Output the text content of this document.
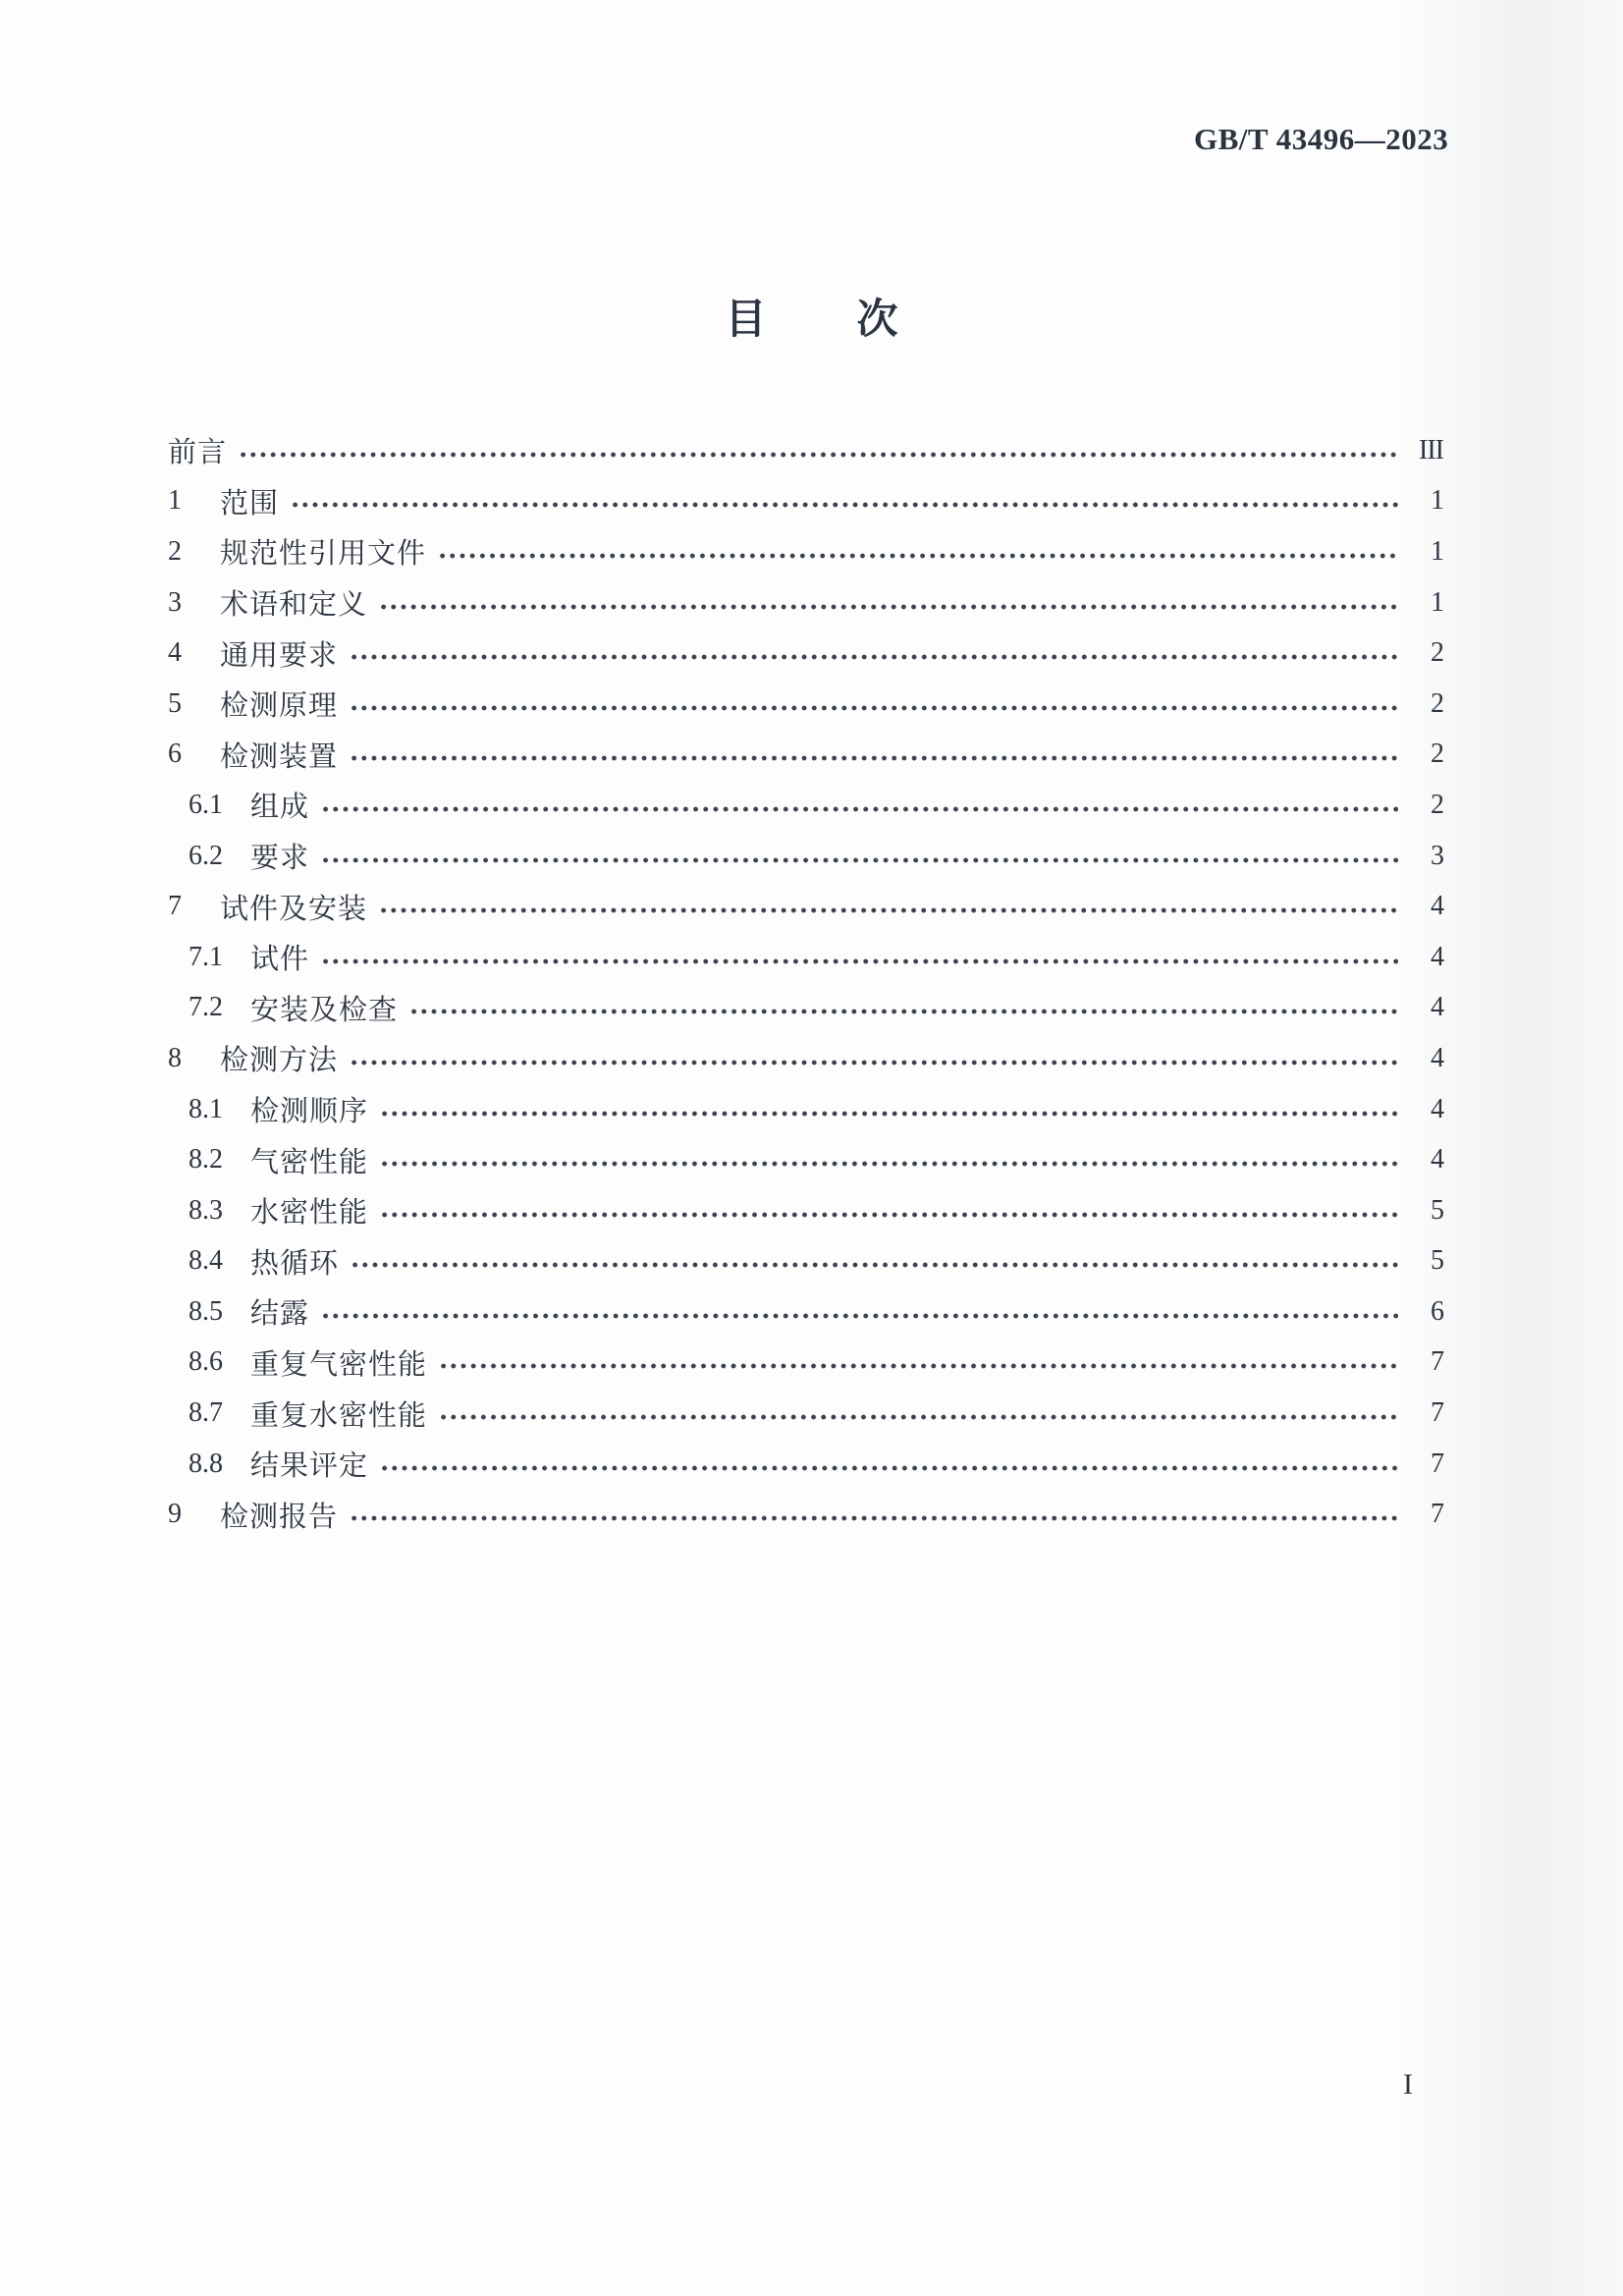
GB/T 43496—2023
目 次
前言	III
1	范围	1
2	规范性引用文件	1
3	术语和定义	1
4	通用要求	2
5	检测原理	2
6	检测装置	2
6.1 组成	2
6.2 要求	3
7	试件及安装	4
7.1 试件	4
7.2 安装及检查	4
8	检测方法	4
8.1 检测顺序	4
8.2 气密性能	4
8.3 水密性能	5
8.4 热循环	5
8.5 结露	6
8.6 重复气密性能	7
8.7 重复水密性能	7
8.8 结果评定	7
9	检测报告	7
I
